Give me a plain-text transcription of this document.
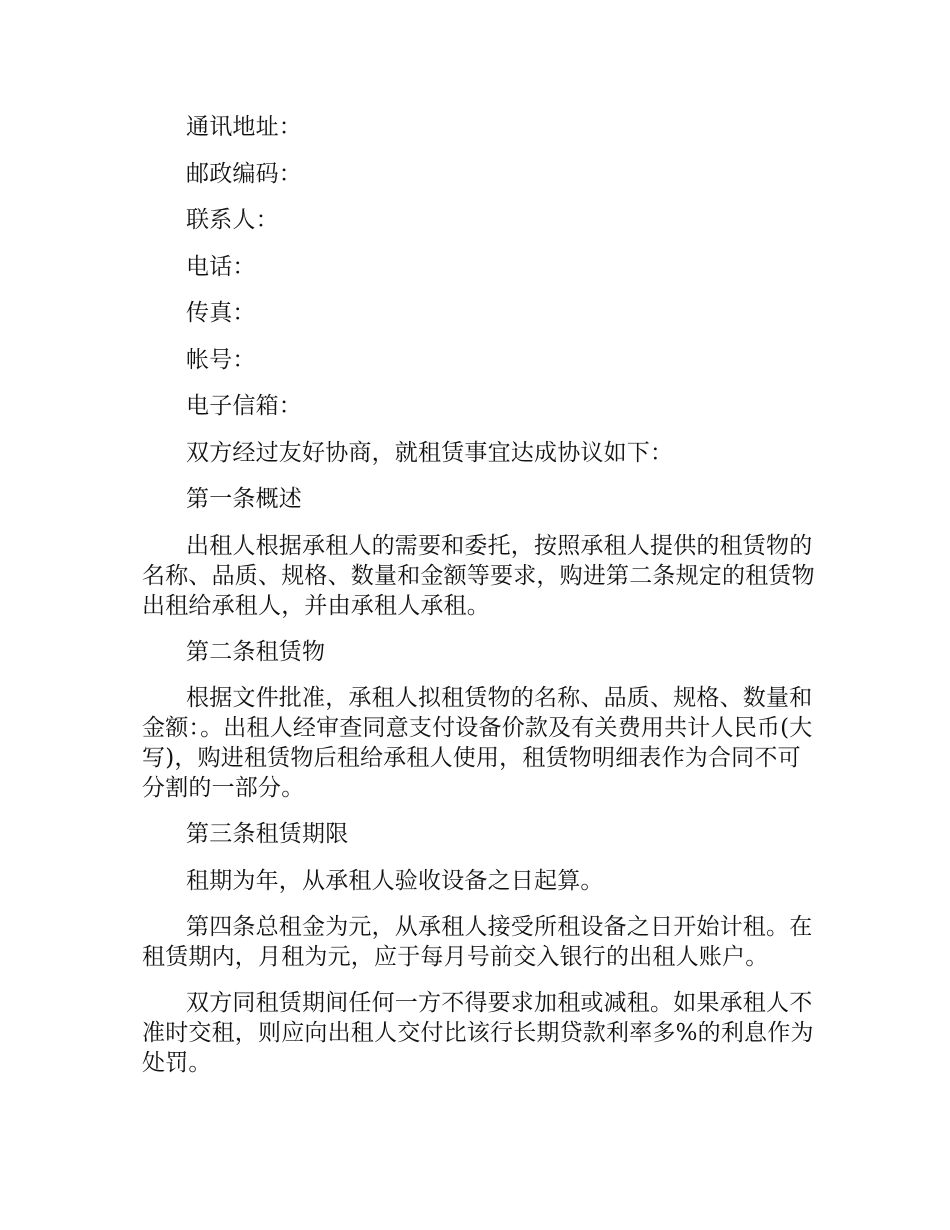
通讯地址：

邮政编码：

联系人：

电话：

传真：

帐号：

电子信箱：

双方经过友好协商，就租赁事宜达成协议如下：

第一条概述

出租人根据承租人的需要和委托，按照承租人提供的租赁物的名称、品质、规格、数量和金额等要求，购进第二条规定的租赁物出租给承租人，并由承租人承租。

第二条租赁物

根据文件批准，承租人拟租赁物的名称、品质、规格、数量和金额：。出租人经审查同意支付设备价款及有关费用共计人民币(大写)，购进租赁物后租给承租人使用，租赁物明细表作为合同不可分割的一部分。

第三条租赁期限

租期为年，从承租人验收设备之日起算。

第四条总租金为元，从承租人接受所租设备之日开始计租。在租赁期内，月租为元，应于每月号前交入银行的出租人账户。

双方同租赁期间任何一方不得要求加租或减租。如果承租人不准时交租，则应向出租人交付比该行长期贷款利率多%的利息作为处罚。
